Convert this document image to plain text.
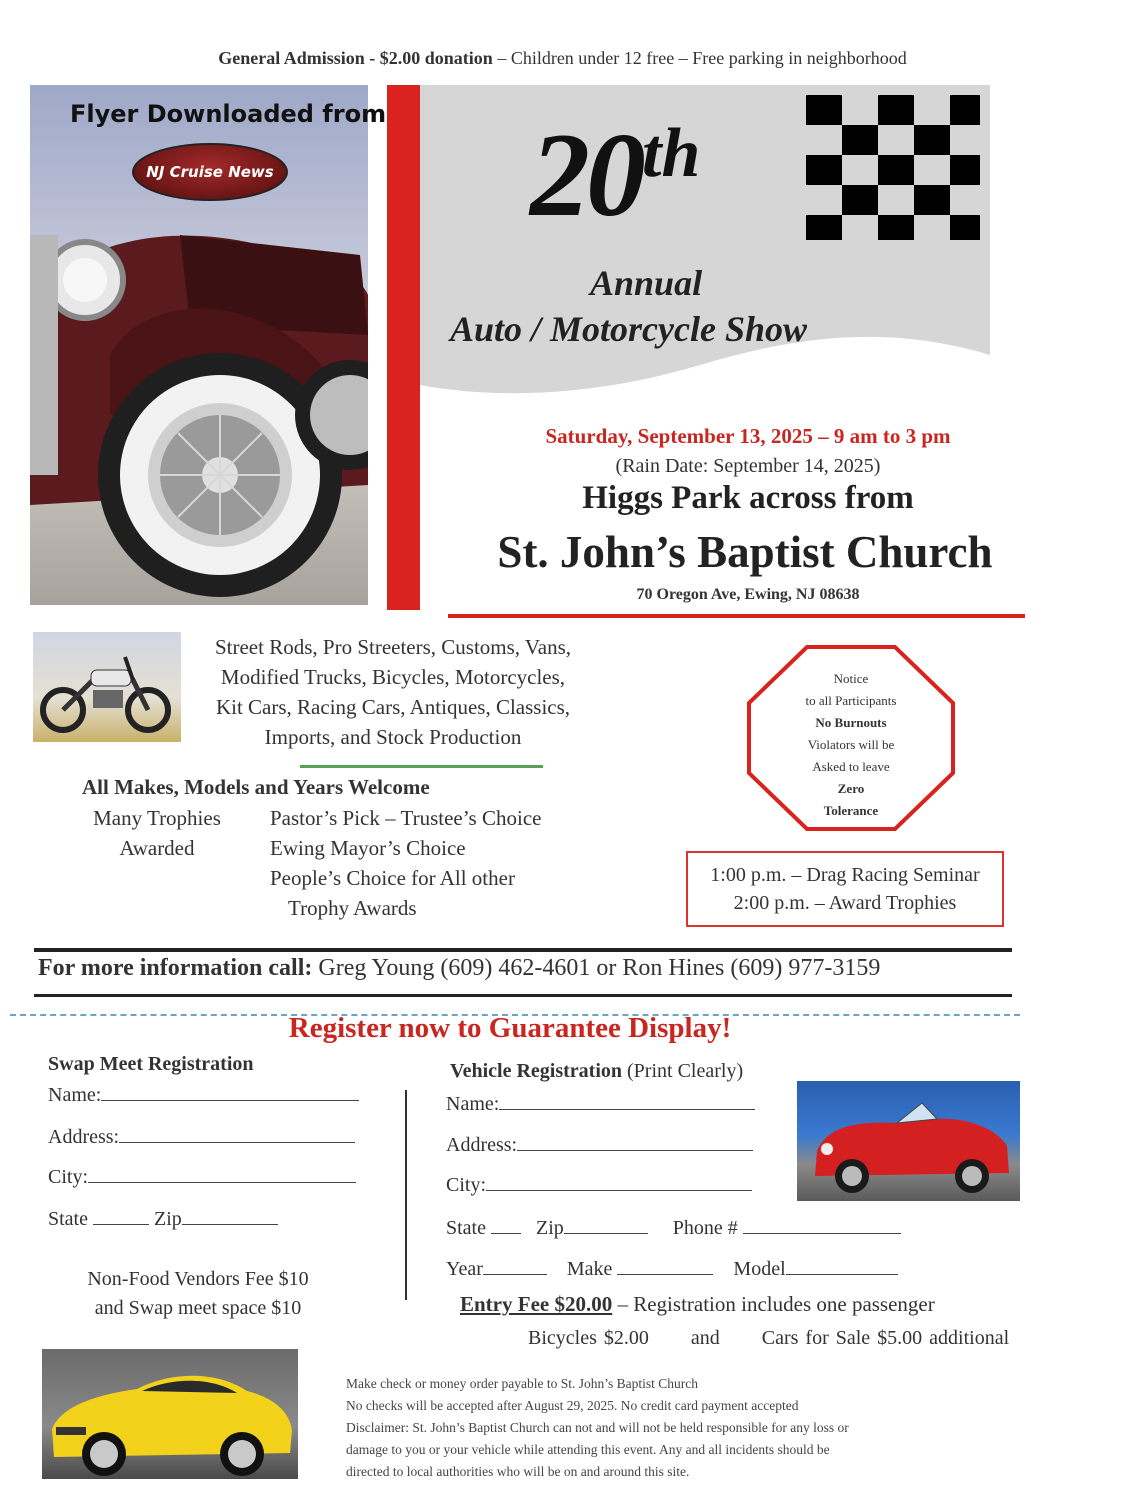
General Admission - $2.00 donation – Children under 12 free – Free parking in neighborhood
Flyer Downloaded from
NJ Cruise News 20th
Annual
Auto / Motorcycle Show
Saturday, September 13, 2025 – 9 am to 3 pm
(Rain Date: September 14, 2025)
Higgs Park across from
St. John’s Baptist Church
70 Oregon Ave, Ewing, NJ 08638
Street Rods, Pro Streeters, Customs, Vans,
Modified Trucks, Bicycles, Motorcycles,
Kit Cars, Racing Cars, Antiques, Classics,
Imports, and Stock Production
All Makes, Models and Years Welcome
Many Trophies
Awarded
Pastor’s Pick – Trustee’s Choice
Ewing Mayor’s Choice
People’s Choice for All other
Trophy Awards
Notice
to all Participants
No Burnouts
Violators will be
Asked to leave
Zero
Tolerance
1:00 p.m. – Drag Racing Seminar
2:00 p.m. – Award Trophies
For more information call: Greg Young (609) 462-4601 or Ron Hines (609) 977-3159
Register now to Guarantee Display!
Swap Meet Registration
Name:
Address:
City:
State	Zip
Non-Food Vendors Fee $10
and Swap meet space $10
Vehicle Registration (Print Clearly)
Name:
Address:
City:
State	Zip	Phone #
Year	Make	Model
Entry Fee $20.00 – Registration includes one passenger
Bicycles $2.00 and Cars for Sale $5.00 additional
Make check or money order payable to St. John’s Baptist Church
No checks will be accepted after August 29, 2025. No credit card payment accepted
Disclaimer: St. John’s Baptist Church can not and will not be held responsible for any loss or
damage to you or your vehicle while attending this event. Any and all incidents should be
directed to local authorities who will be on and around this site.
